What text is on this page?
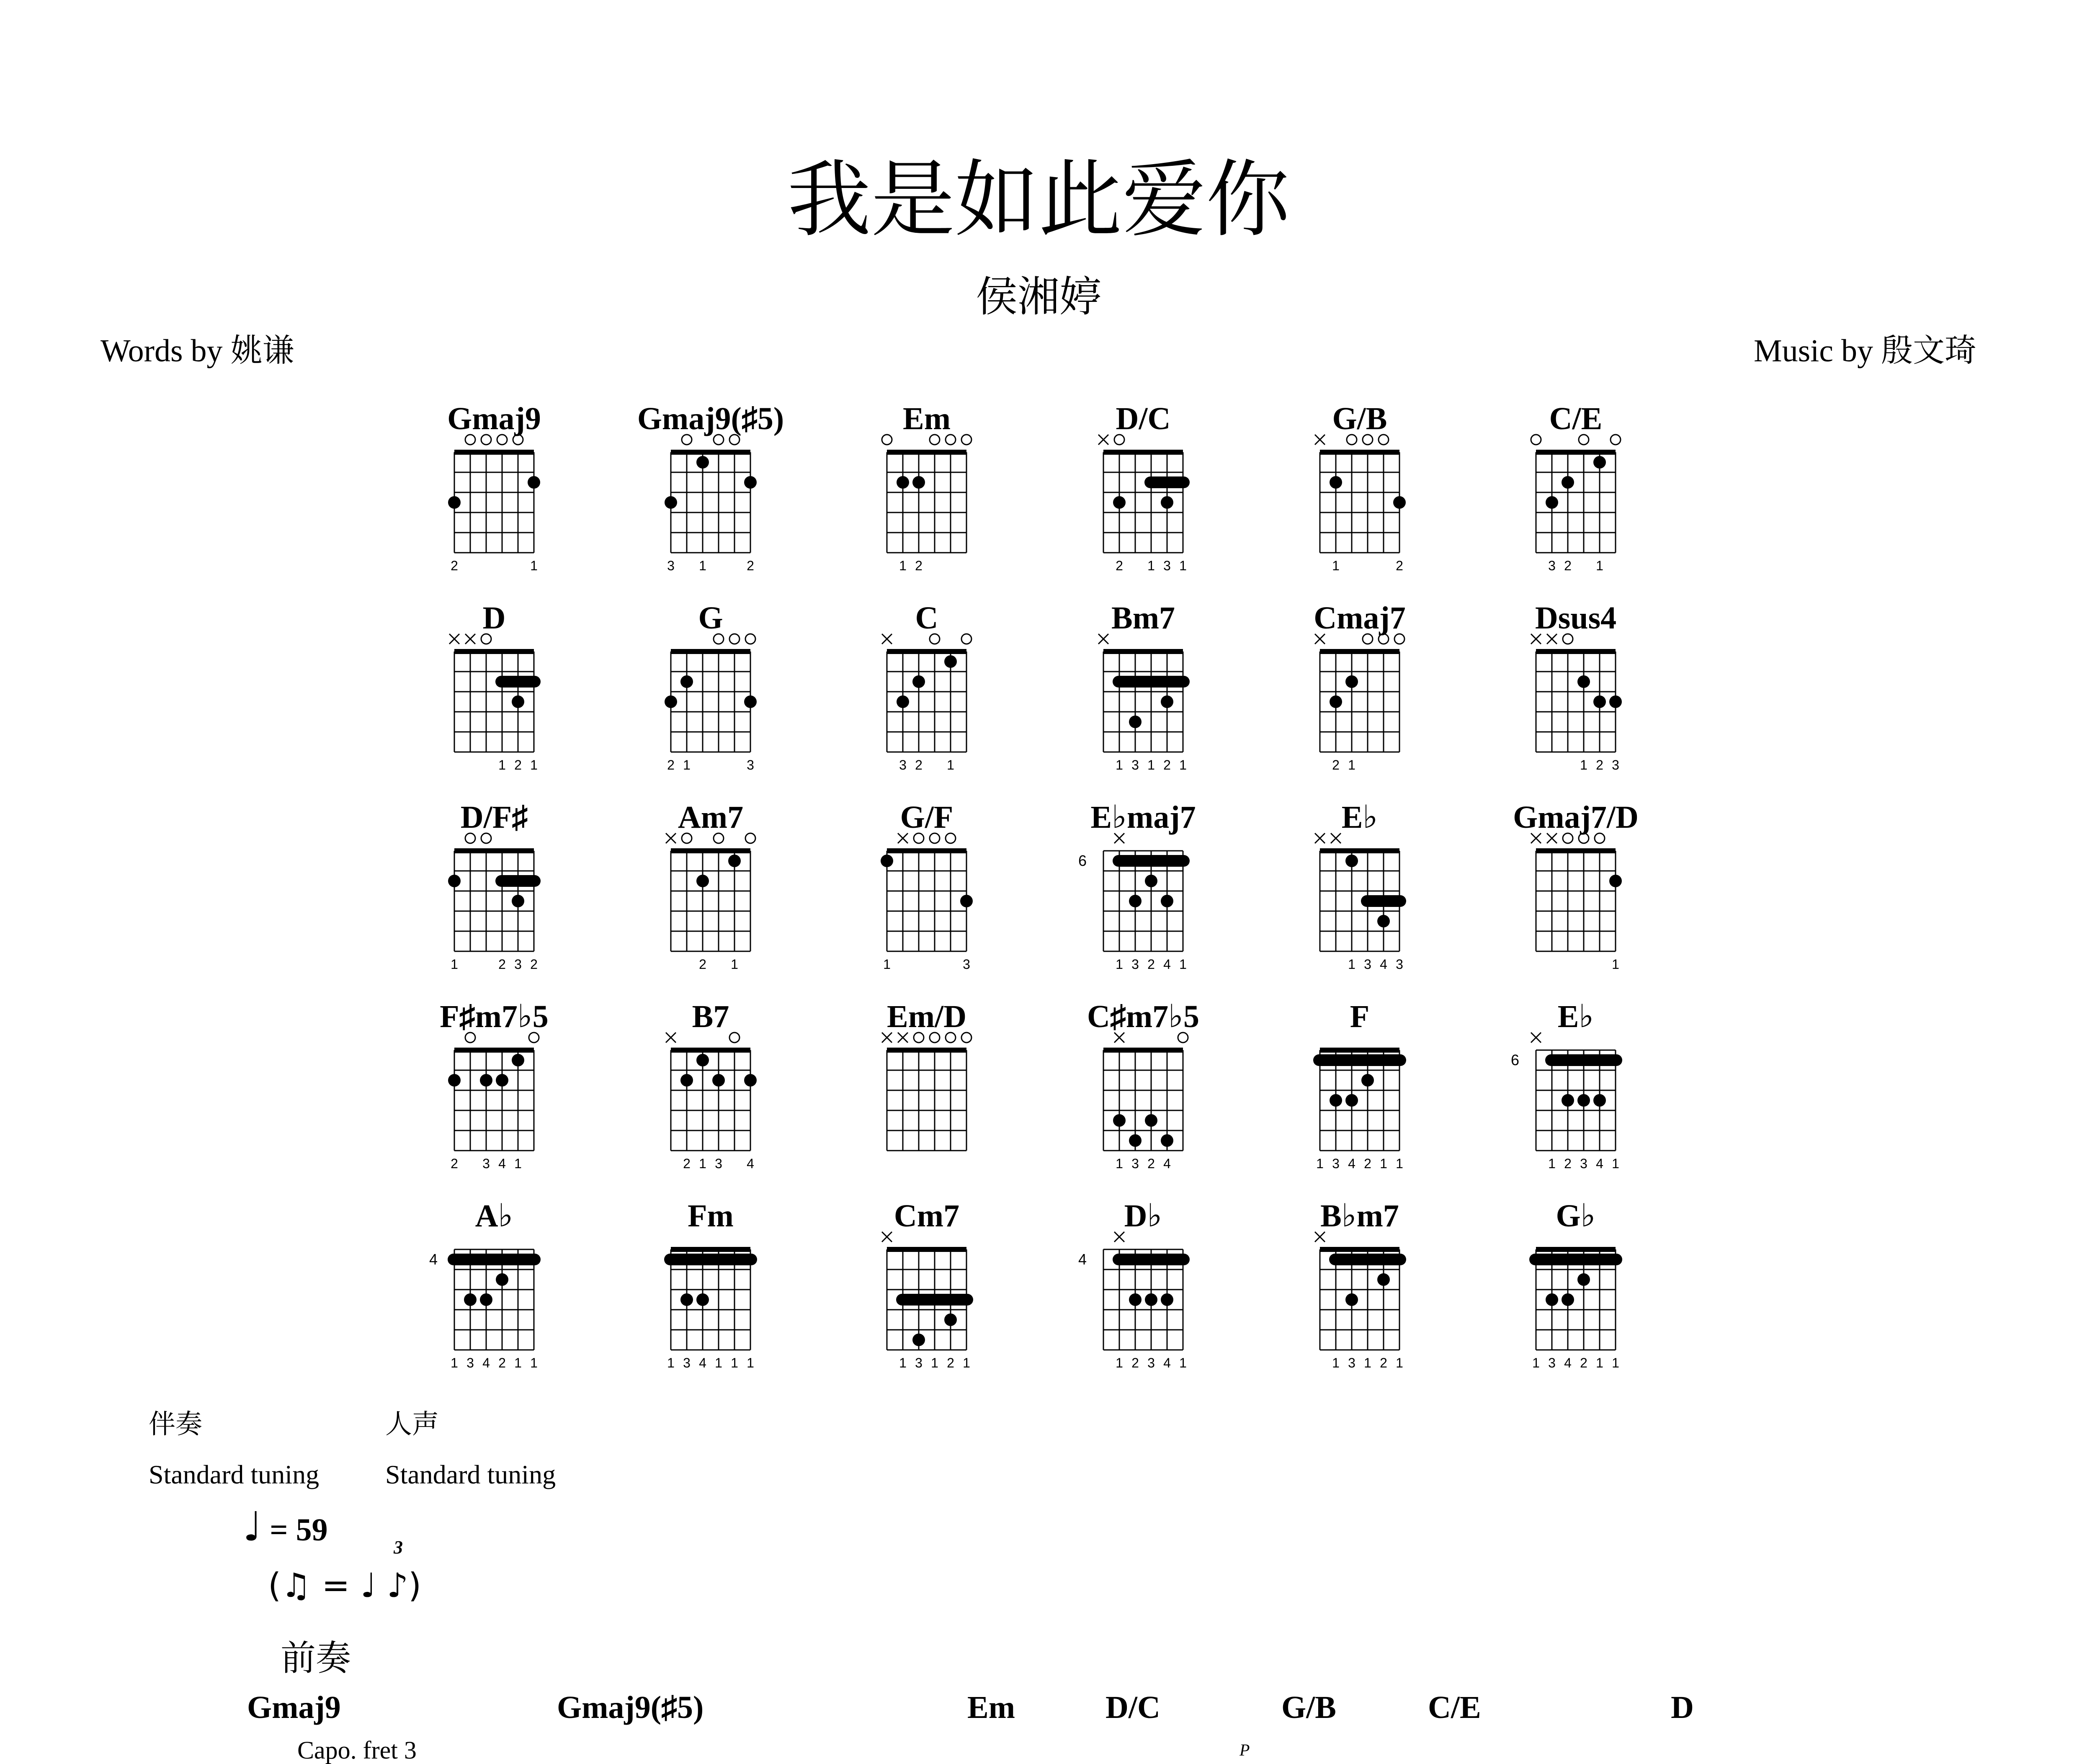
我是如此爱你
侯湘婷
Words by 姚谦	Music by 殷文琦
Gmaj9
2	1
Gmaj9(♯5)
3 1	2
Em
1 2
D/C
2 1 3 1
G/B
1	2
C/E
3 2 1
D
1 2 1
G
2 1	3
C
3 2 1
Bm7
1 3 1 2 1
Cmaj7
2 1
Dsus4
1 2 3
D/F♯
1	2 3 2
Am7
2 1
G/F
1	3
E♭maj7
6
1 3 2 4 1
E♭
1 3 4 3
Gmaj7/D
1
F♯m7♭5
2 3 4 1
B7
2 1 3 4
Em/D	C♯m7♭5
1 3 2 4
F
1 3 4 2 1 1
E♭
6
1 2 3 4 1
A♭
4
1 3 4 2 1 1
Fm
1 3 4 1 1 1
Cm7
1 3 1 2 1
D♭
4
1 2 3 4 1
B♭m7
1 3 1 2 1
G♭
1 3 4 2 1 1
伴奏
Standard tuning
人声
Standard tuning
♩ = 59	3
(♫ = ♩ ♪)
前奏
Gmaj9	Gmaj9(♯5)	Em	D/C	G/B	C/E	D
Capo. fret 3	P
